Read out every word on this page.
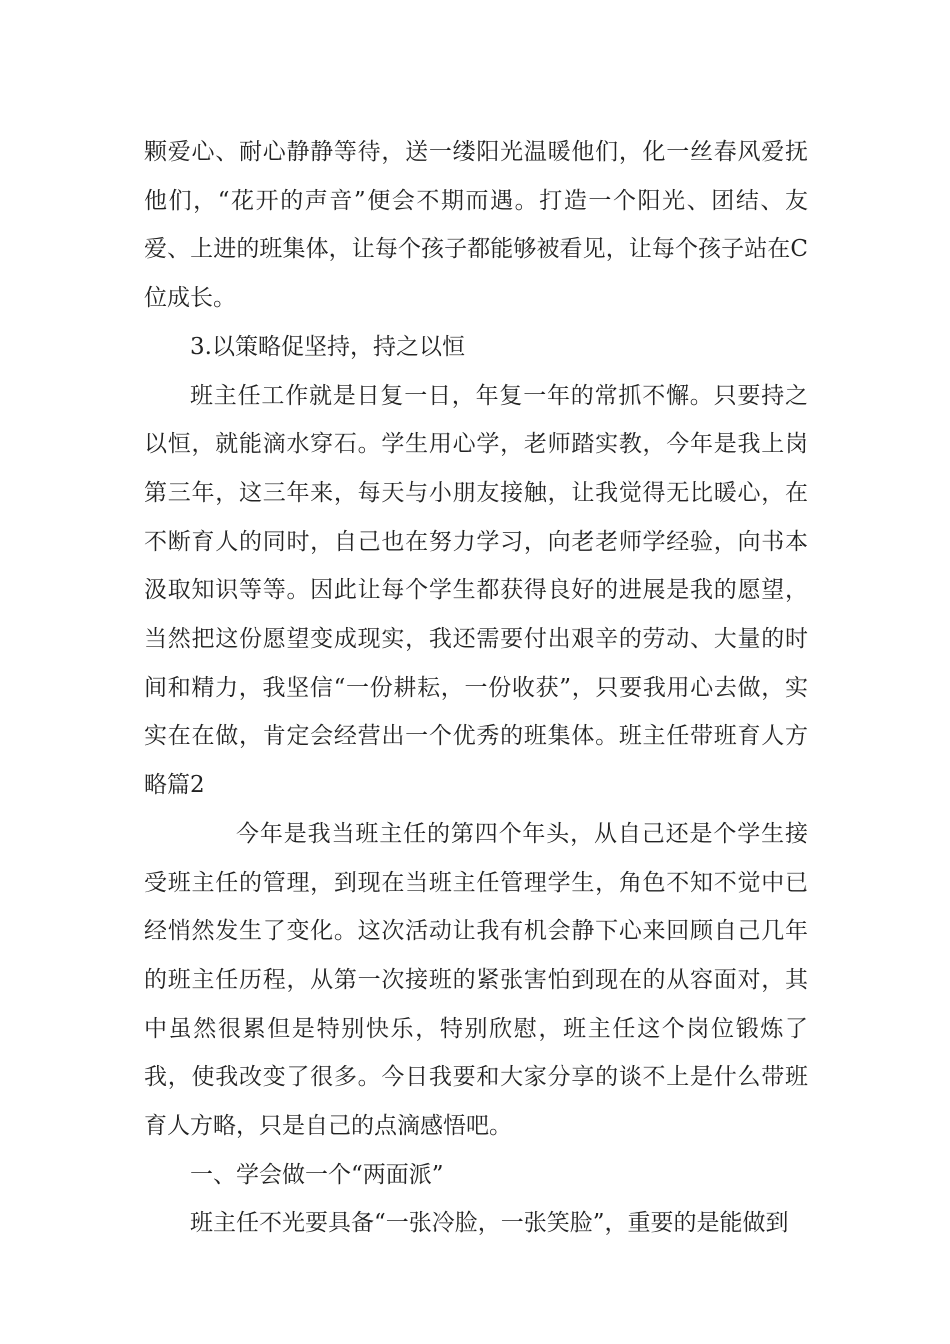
颗爱心、耐心静静等待，送一缕阳光温暖他们，化一丝春风爱抚他们，“花开的声音”便会不期而遇。打造一个阳光、团结、友爱、上进的班集体，让每个孩子都能够被看见，让每个孩子站在C位成长。

3.以策略促坚持，持之以恒

班主任工作就是日复一日，年复一年的常抓不懈。只要持之以恒，就能滴水穿石。学生用心学，老师踏实教，今年是我上岗第三年，这三年来，每天与小朋友接触，让我觉得无比暖心，在不断育人的同时，自己也在努力学习，向老老师学经验，向书本汲取知识等等。因此让每个学生都获得良好的进展是我的愿望，当然把这份愿望变成现实，我还需要付出艰辛的劳动、大量的时间和精力，我坚信“一份耕耘，一份收获”，只要我用心去做，实实在在做，肯定会经营出一个优秀的班集体。班主任带班育人方略篇2

今年是我当班主任的第四个年头，从自己还是个学生接受班主任的管理，到现在当班主任管理学生，角色不知不觉中已经悄然发生了变化。这次活动让我有机会静下心来回顾自己几年的班主任历程，从第一次接班的紧张害怕到现在的从容面对，其中虽然很累但是特别快乐，特别欣慰，班主任这个岗位锻炼了我，使我改变了很多。今日我要和大家分享的谈不上是什么带班育人方略，只是自己的点滴感悟吧。

一、学会做一个“两面派”

班主任不光要具备“一张冷脸，一张笑脸”，重要的是能做到
